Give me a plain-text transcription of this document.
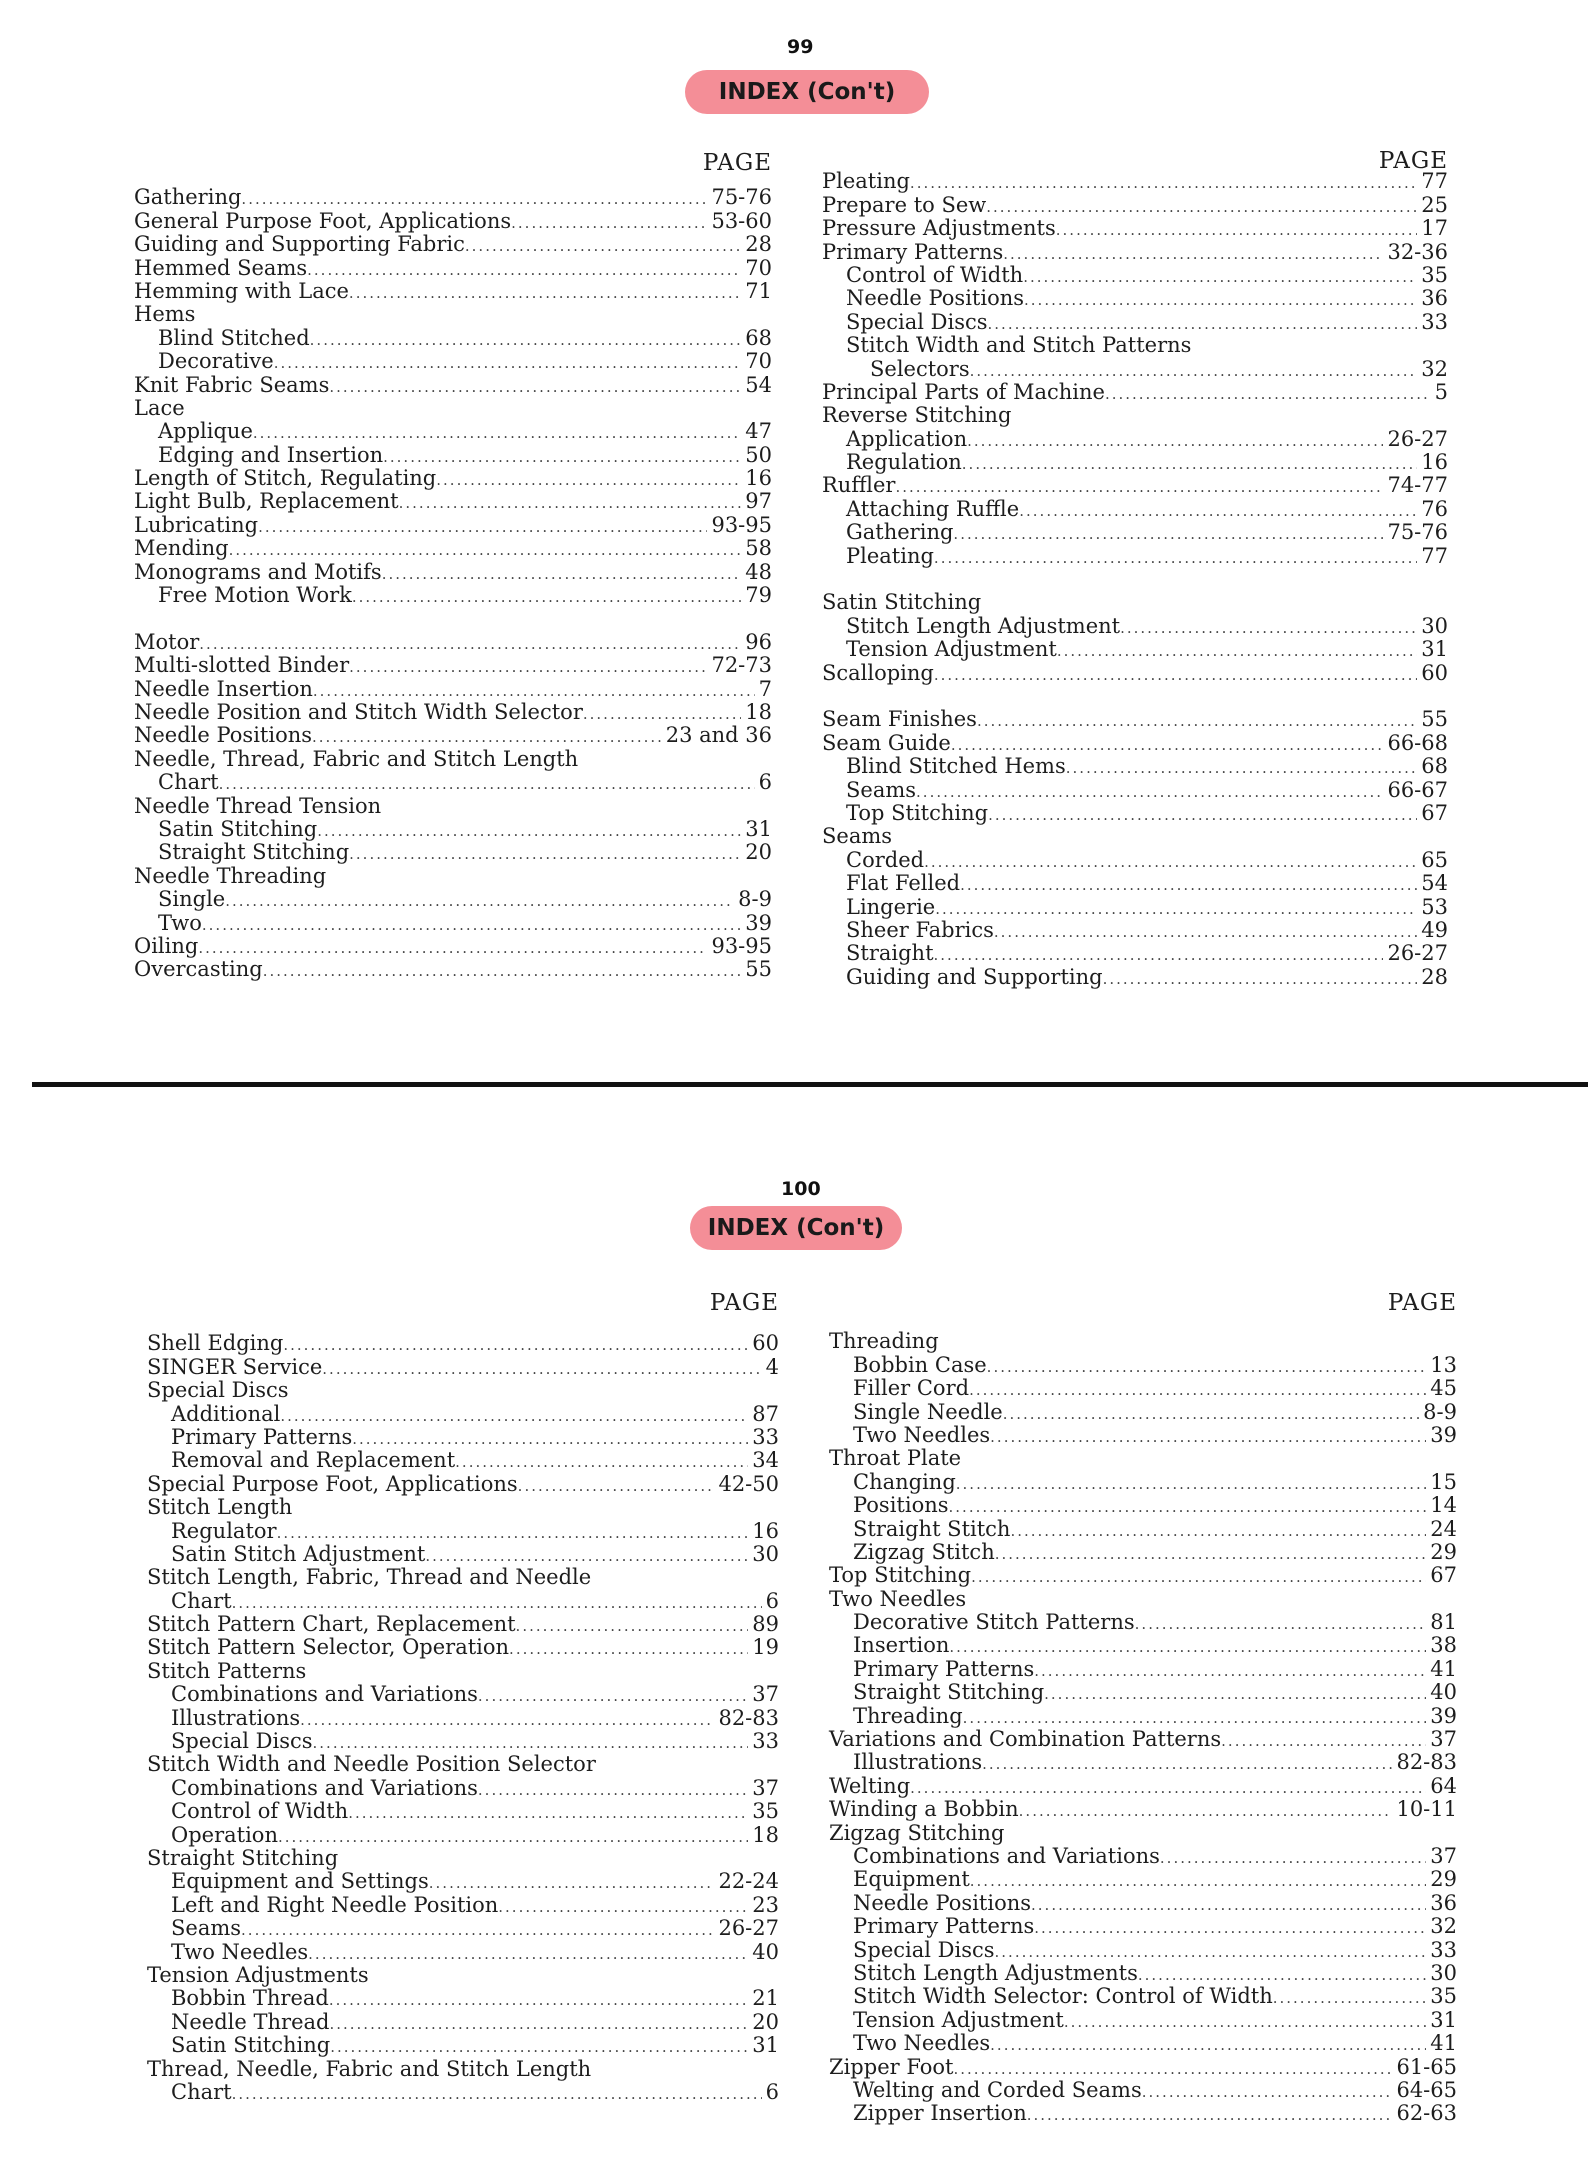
99
INDEX (Con't)
PAGE
Gathering .....	75-76
General Purpose Foot, Applications .....	53-60
Guiding and Supporting Fabric .....	28
Hemmed Seams .....	70
Hemming with Lace .....	71
Hems
Blind Stitched .....	68
Decorative .....	70
Knit Fabric Seams .....	54
Lace
Applique .....	47
Edging and Insertion .....	50
Length of Stitch, Regulating .....	16
Light Bulb, Replacement .....	97
Lubricating .....	93-95
Mending .....	58
Monograms and Motifs .....	48
Free Motion Work .....	79
Motor .....	96
Multi-slotted Binder .....	72-73
Needle Insertion .....	7
Needle Position and Stitch Width Selector .....	18
Needle Positions .....	23 and 36
Needle, Thread, Fabric and Stitch Length
Chart .....	6
Needle Thread Tension
Satin Stitching .....	31
Straight Stitching .....	20
Needle Threading
Single .....	8-9
Two .....	39
Oiling .....	93-95
Overcasting .....	55
PAGE
Pleating .....	77
Prepare to Sew .....	25
Pressure Adjustments .....	17
Primary Patterns .....	32-36
Control of Width .....	35
Needle Positions .....	36
Special Discs .....	33
Stitch Width and Stitch Patterns
Selectors .....	32
Principal Parts of Machine .....	5
Reverse Stitching
Application .....	26-27
Regulation .....	16
Ruffler .....	74-77
Attaching Ruffle .....	76
Gathering .....	75-76
Pleating .....	77
Satin Stitching
Stitch Length Adjustment .....	30
Tension Adjustment .....	31
Scalloping .....	60
Seam Finishes .....	55
Seam Guide .....	66-68
Blind Stitched Hems .....	68
Seams .....	66-67
Top Stitching .....	67
Seams
Corded .....	65
Flat Felled .....	54
Lingerie .....	53
Sheer Fabrics .....	49
Straight .....	26-27
Guiding and Supporting .....	28
100
INDEX (Con't)
PAGE
Shell Edging .....	60
SINGER Service .....	4
Special Discs
Additional .....	87
Primary Patterns .....	33
Removal and Replacement .....	34
Special Purpose Foot, Applications .....	42-50
Stitch Length
Regulator .....	16
Satin Stitch Adjustment .....	30
Stitch Length, Fabric, Thread and Needle
Chart .....	6
Stitch Pattern Chart, Replacement .....	89
Stitch Pattern Selector, Operation .....	19
Stitch Patterns
Combinations and Variations .....	37
Illustrations .....	82-83
Special Discs .....	33
Stitch Width and Needle Position Selector
Combinations and Variations .....	37
Control of Width .....	35
Operation .....	18
Straight Stitching
Equipment and Settings .....	22-24
Left and Right Needle Position .....	23
Seams .....	26-27
Two Needles .....	40
Tension Adjustments
Bobbin Thread .....	21
Needle Thread .....	20
Satin Stitching .....	31
Thread, Needle, Fabric and Stitch Length
Chart .....	6
PAGE
Threading
Bobbin Case .....	13
Filler Cord .....	45
Single Needle .....	8-9
Two Needles .....	39
Throat Plate
Changing .....	15
Positions .....	14
Straight Stitch .....	24
Zigzag Stitch .....	29
Top Stitching .....	67
Two Needles
Decorative Stitch Patterns .....	81
Insertion .....	38
Primary Patterns .....	41
Straight Stitching .....	40
Threading .....	39
Variations and Combination Patterns .....	37
Illustrations .....	82-83
Welting .....	64
Winding a Bobbin .....	10-11
Zigzag Stitching
Combinations and Variations .....	37
Equipment .....	29
Needle Positions .....	36
Primary Patterns .....	32
Special Discs .....	33
Stitch Length Adjustments .....	30
Stitch Width Selector: Control of Width .....	35
Tension Adjustment .....	31
Two Needles .....	41
Zipper Foot .....	61-65
Welting and Corded Seams .....	64-65
Zipper Insertion .....	62-63
